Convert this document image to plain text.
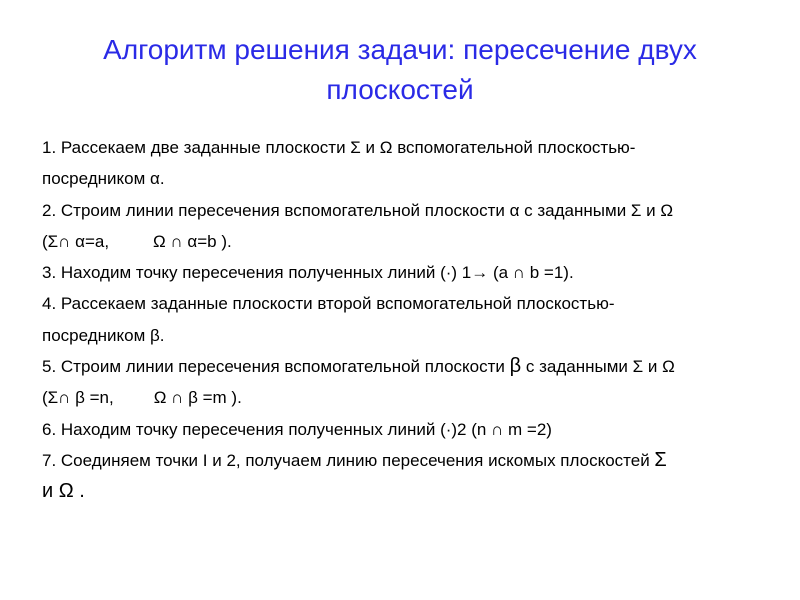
Алгоритм решения задачи: пересечение двух
плоскостей
1. Рассекаем две заданные плоскости Σ и Ω вспомогательной плоскостью-
посредником α.
2. Строим линии пересечения вспомогательной плоскости α с заданными Σ и Ω
(Σ∩ α=a,	Ω ∩ α=b ).
3. Находим точку пересечения полученных линий (·) 1→ (a ∩ b =1).
4. Рассекаем заданные плоскости второй вспомогательной плоскостью-
посредником β.
5. Строим линии пересечения вспомогательной плоскости β с заданными Σ и Ω
(Σ∩ β =n, Ω ∩ β =m ).
6. Находим точку пересечения полученных линий (·)2 (n ∩ m =2)
7. Соединяем точки I и 2, получаем линию пересечения искомых плоскостей Σ
и Ω .
